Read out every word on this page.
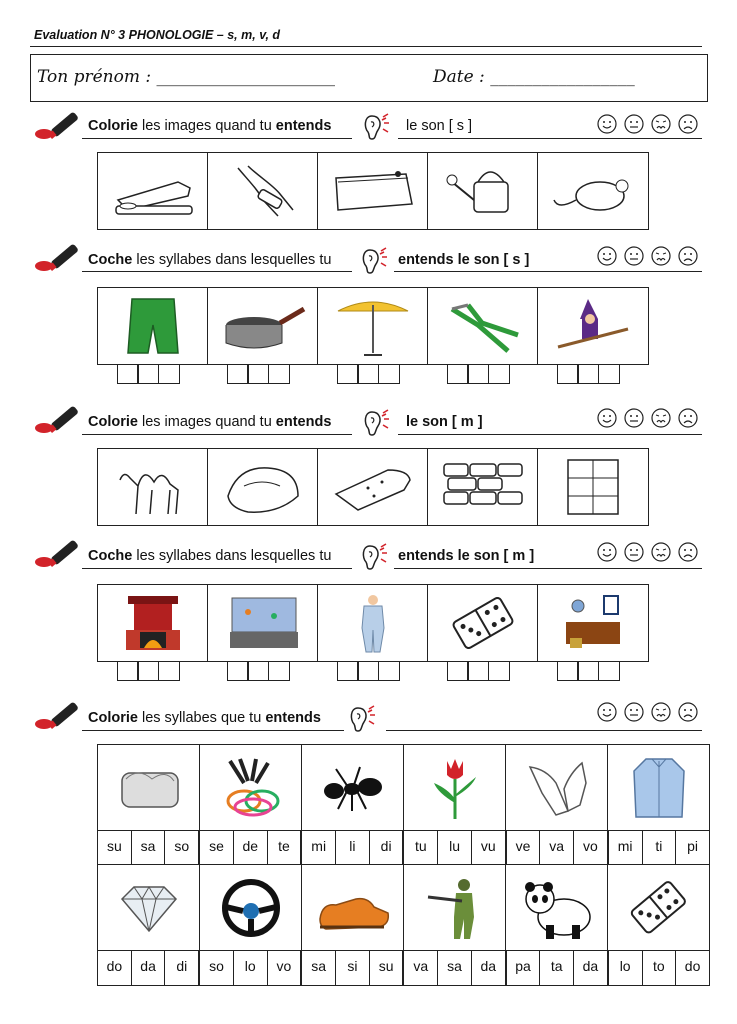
Evaluation N° 3 PHONOLOGIE – s, m, v, d
Ton prénom : _____________________	Date : _________________
Colorie les images quand tu entends	le son [ s ]
Coche les syllabes dans lesquelles tu	entends le son [ s ]
Colorie les images quand tu entends	le son [ m ]
Coche les syllabes dans lesquelles tu	entends le son [ m ]
Colorie les syllabes que tu entends
su	sa	so	se	de	te	mi	li	di	tu	lu	vu	ve	va	vo	mi	ti	pi
do	da	di	so	lo	vo	sa	si	su	va	sa	da	pa	ta	da	lo	to	do
